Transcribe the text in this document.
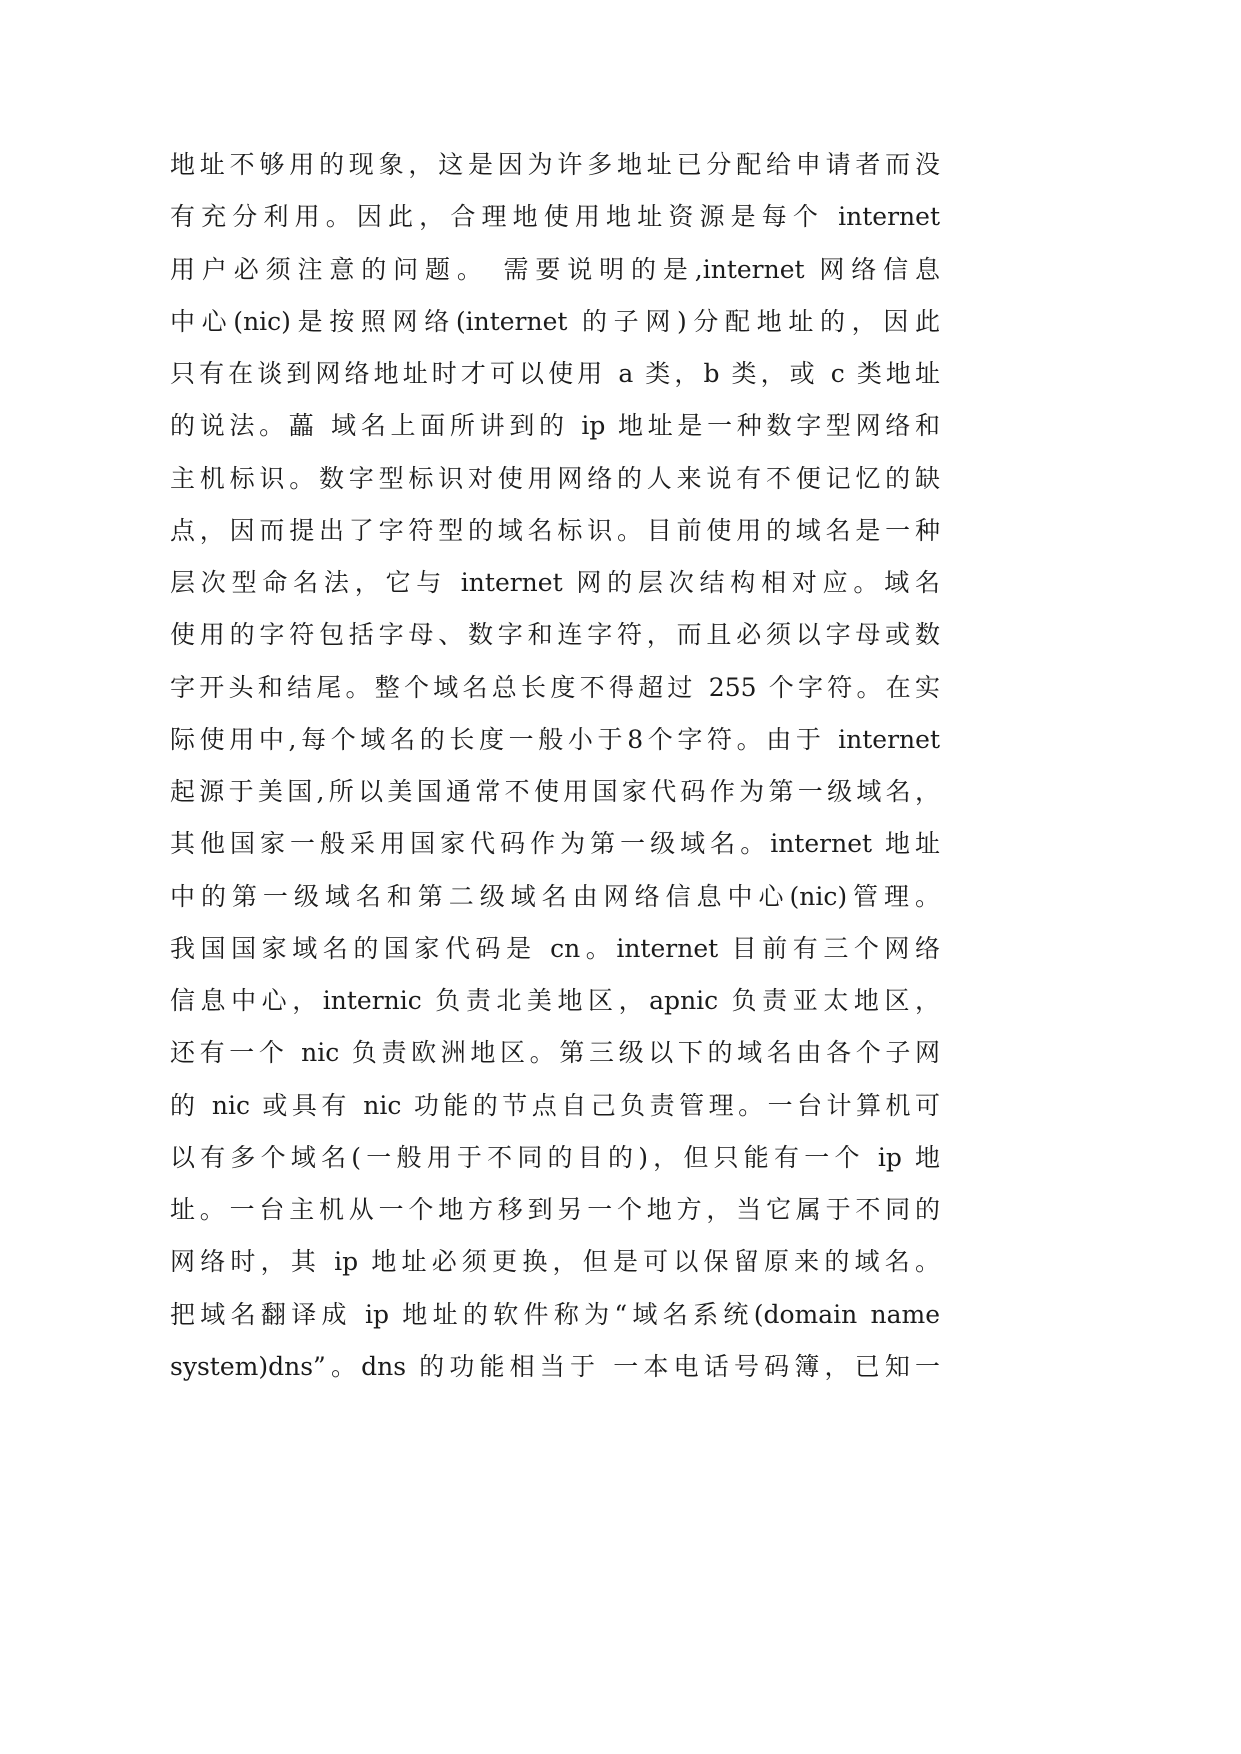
地址不够用的现象，这是因为许多地址已分配给申请者而没
有充分利用。因此，合理地使用地址资源是每个 internet
用户必须注意的问题。 需要说明的是,internet 网络信息
中心(nic)是按照网络(internet 的子网)分配地址的，因此
只有在谈到网络地址时才可以使用 a 类，b 类，或 c 类地址
的说法。藟 域名上面所讲到的 ip 地址是一种数字型网络和
主机标识。数字型标识对使用网络的人来说有不便记忆的缺
点，因而提出了字符型的域名标识。目前使用的域名是一种
层次型命名法，它与 internet 网的层次结构相对应。域名
使用的字符包括字母、数字和连字符，而且必须以字母或数
字开头和结尾。整个域名总长度不得超过 255 个字符。在实
际使用中,每个域名的长度一般小于8个字符。由于 internet
起源于美国,所以美国通常不使用国家代码作为第一级域名，
其他国家一般采用国家代码作为第一级域名。internet 地址
中的第一级域名和第二级域名由网络信息中心(nic)管理。
我国国家域名的国家代码是 cn。internet 目前有三个网络
信息中心，internic 负责北美地区，apnic 负责亚太地区，
还有一个 nic 负责欧洲地区。第三级以下的域名由各个子网
的 nic 或具有 nic 功能的节点自己负责管理。一台计算机可
以有多个域名(一般用于不同的目的)，但只能有一个 ip 地
址。一台主机从一个地方移到另一个地方，当它属于不同的
网络时，其 ip 地址必须更换，但是可以保留原来的域名。
把域名翻译成 ip 地址的软件称为“域名系统(domain name
system)dns”。dns 的功能相当于 一本电话号码簿，已知一
